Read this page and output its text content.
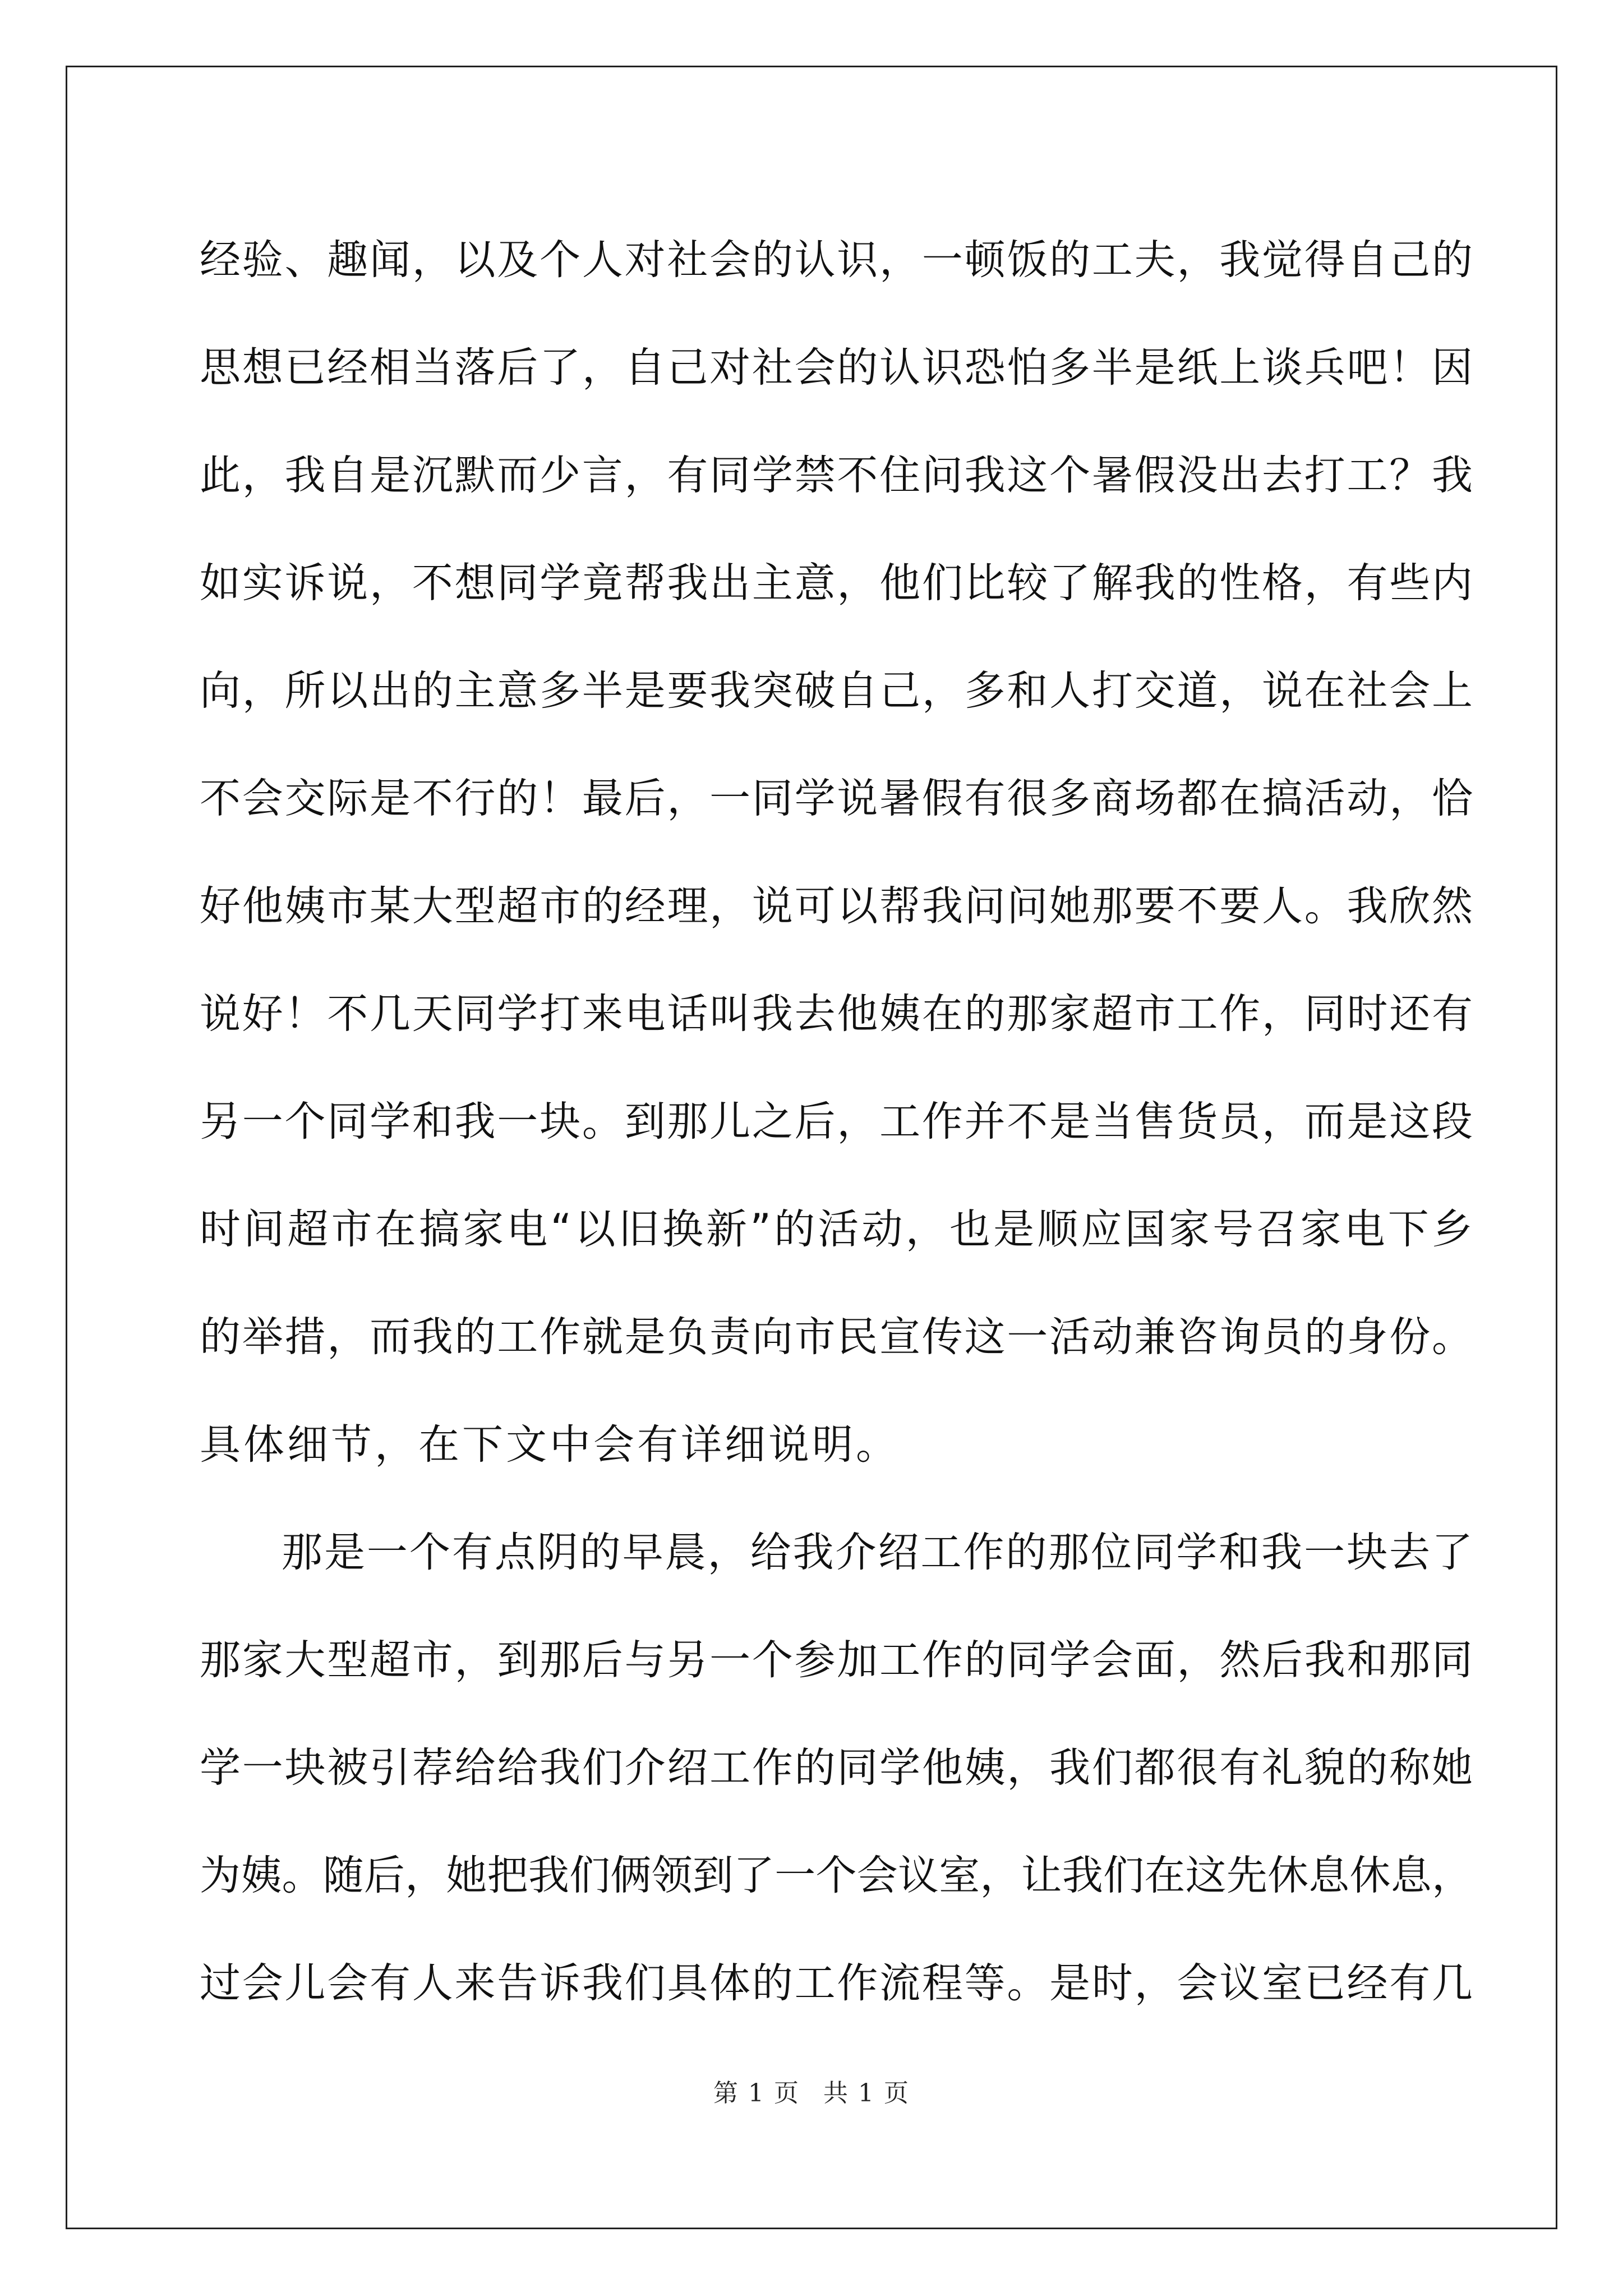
经验、趣闻，以及个人对社会的认识，一顿饭的工夫，我觉得自己的
思想已经相当落后了，自己对社会的认识恐怕多半是纸上谈兵吧！因
此，我自是沉默而少言，有同学禁不住问我这个暑假没出去打工？我
如实诉说，不想同学竟帮我出主意，他们比较了解我的性格，有些内
向，所以出的主意多半是要我突破自己，多和人打交道，说在社会上
不会交际是不行的！最后，一同学说暑假有很多商场都在搞活动，恰
好他姨市某大型超市的经理，说可以帮我问问她那要不要人。我欣然
说好！不几天同学打来电话叫我去他姨在的那家超市工作，同时还有
另一个同学和我一块。到那儿之后，工作并不是当售货员，而是这段
时间超市在搞家电“以旧换新”的活动，也是顺应国家号召家电下乡
的举措，而我的工作就是负责向市民宣传这一活动兼咨询员的身份。
具体细节，在下文中会有详细说明。
那是一个有点阴的早晨，给我介绍工作的那位同学和我一块去了
那家大型超市，到那后与另一个参加工作的同学会面，然后我和那同
学一块被引荐给给我们介绍工作的同学他姨，我们都很有礼貌的称她
为姨。随后，她把我们俩领到了一个会议室，让我们在这先休息休息，
过会儿会有人来告诉我们具体的工作流程等。是时，会议室已经有几
第 1 页 共 1 页
